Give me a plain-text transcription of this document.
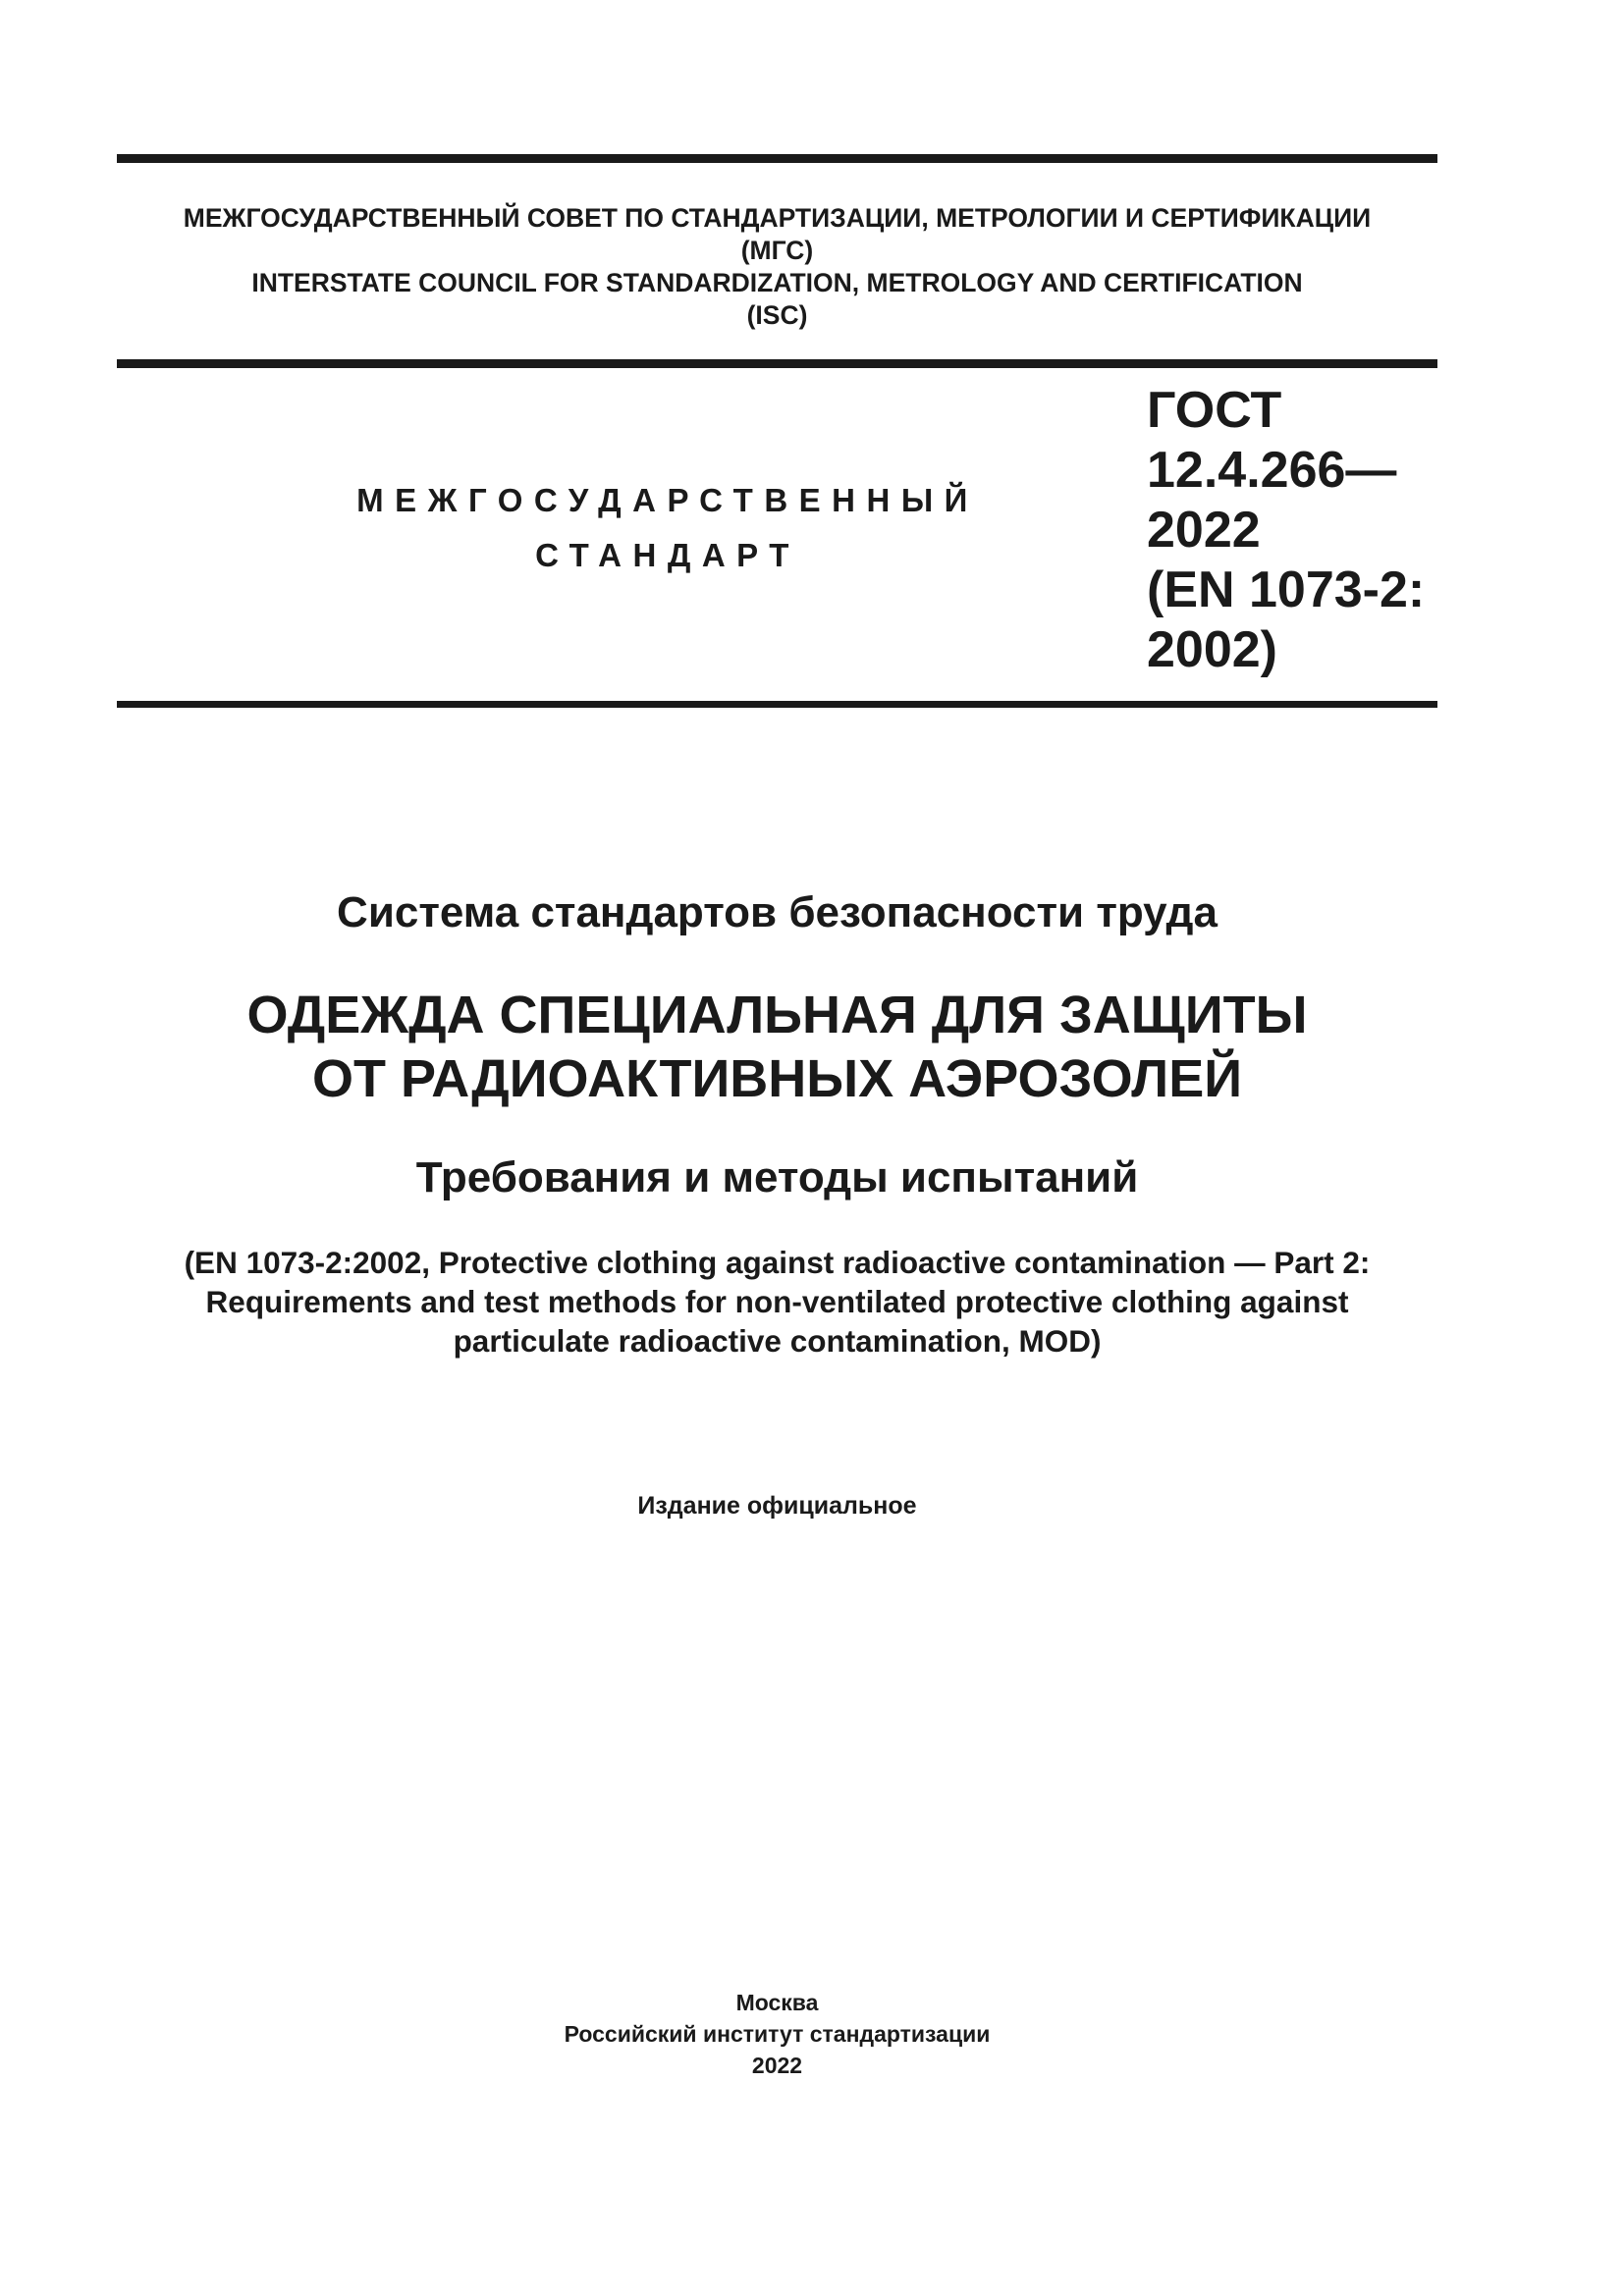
МЕЖГОСУДАРСТВЕННЫЙ СОВЕТ ПО СТАНДАРТИЗАЦИИ, МЕТРОЛОГИИ И СЕРТИФИКАЦИИ
(МГС)
INTERSTATE COUNCIL FOR STANDARDIZATION, METROLOGY AND CERTIFICATION
(ISC)
МЕЖГОСУДАРСТВЕННЫЙ
СТАНДАРТ
ГОСТ
12.4.266—
2022
(EN 1073-2:
2002)
Система стандартов безопасности труда
ОДЕЖДА СПЕЦИАЛЬНАЯ ДЛЯ ЗАЩИТЫ
ОТ РАДИОАКТИВНЫХ АЭРОЗОЛЕЙ
Требования и методы испытаний
(EN 1073-2:2002, Protective clothing against radioactive contamination — Part 2:
Requirements and test methods for non-ventilated protective clothing against
particulate radioactive contamination, MOD)
Издание официальное
Москва
Российский институт стандартизации
2022
